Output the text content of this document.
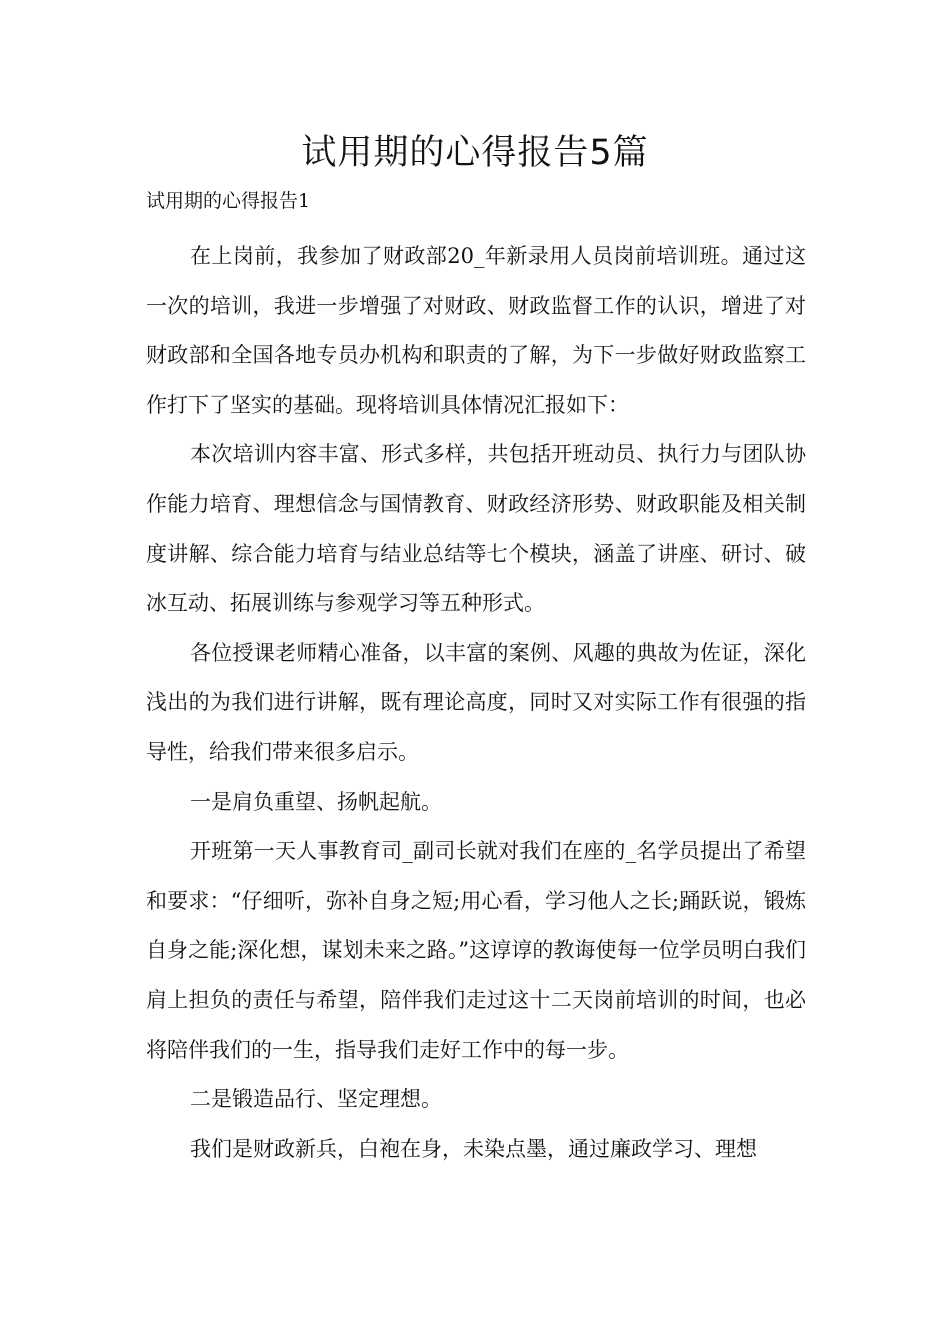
试用期的心得报告5篇
试用期的心得报告1

在上岗前，我参加了财政部20_年新录用人员岗前培训班。通过这一次的培训，我进一步增强了对财政、财政监督工作的认识，增进了对财政部和全国各地专员办机构和职责的了解，为下一步做好财政监察工作打下了坚实的基础。现将培训具体情况汇报如下：

本次培训内容丰富、形式多样，共包括开班动员、执行力与团队协作能力培育、理想信念与国情教育、财政经济形势、财政职能及相关制度讲解、综合能力培育与结业总结等七个模块，涵盖了讲座、研讨、破冰互动、拓展训练与参观学习等五种形式。

各位授课老师精心准备，以丰富的案例、风趣的典故为佐证，深化浅出的为我们进行讲解，既有理论高度，同时又对实际工作有很强的指导性，给我们带来很多启示。

一是肩负重望、扬帆起航。

开班第一天人事教育司_副司长就对我们在座的_名学员提出了希望和要求：“仔细听，弥补自身之短;用心看，学习他人之长;踊跃说，锻炼自身之能;深化想，谋划未来之路。”这谆谆的教诲使每一位学员明白我们肩上担负的责任与希望，陪伴我们走过这十二天岗前培训的时间，也必将陪伴我们的一生，指导我们走好工作中的每一步。

二是锻造品行、坚定理想。

我们是财政新兵，白袍在身，未染点墨，通过廉政学习、理想
